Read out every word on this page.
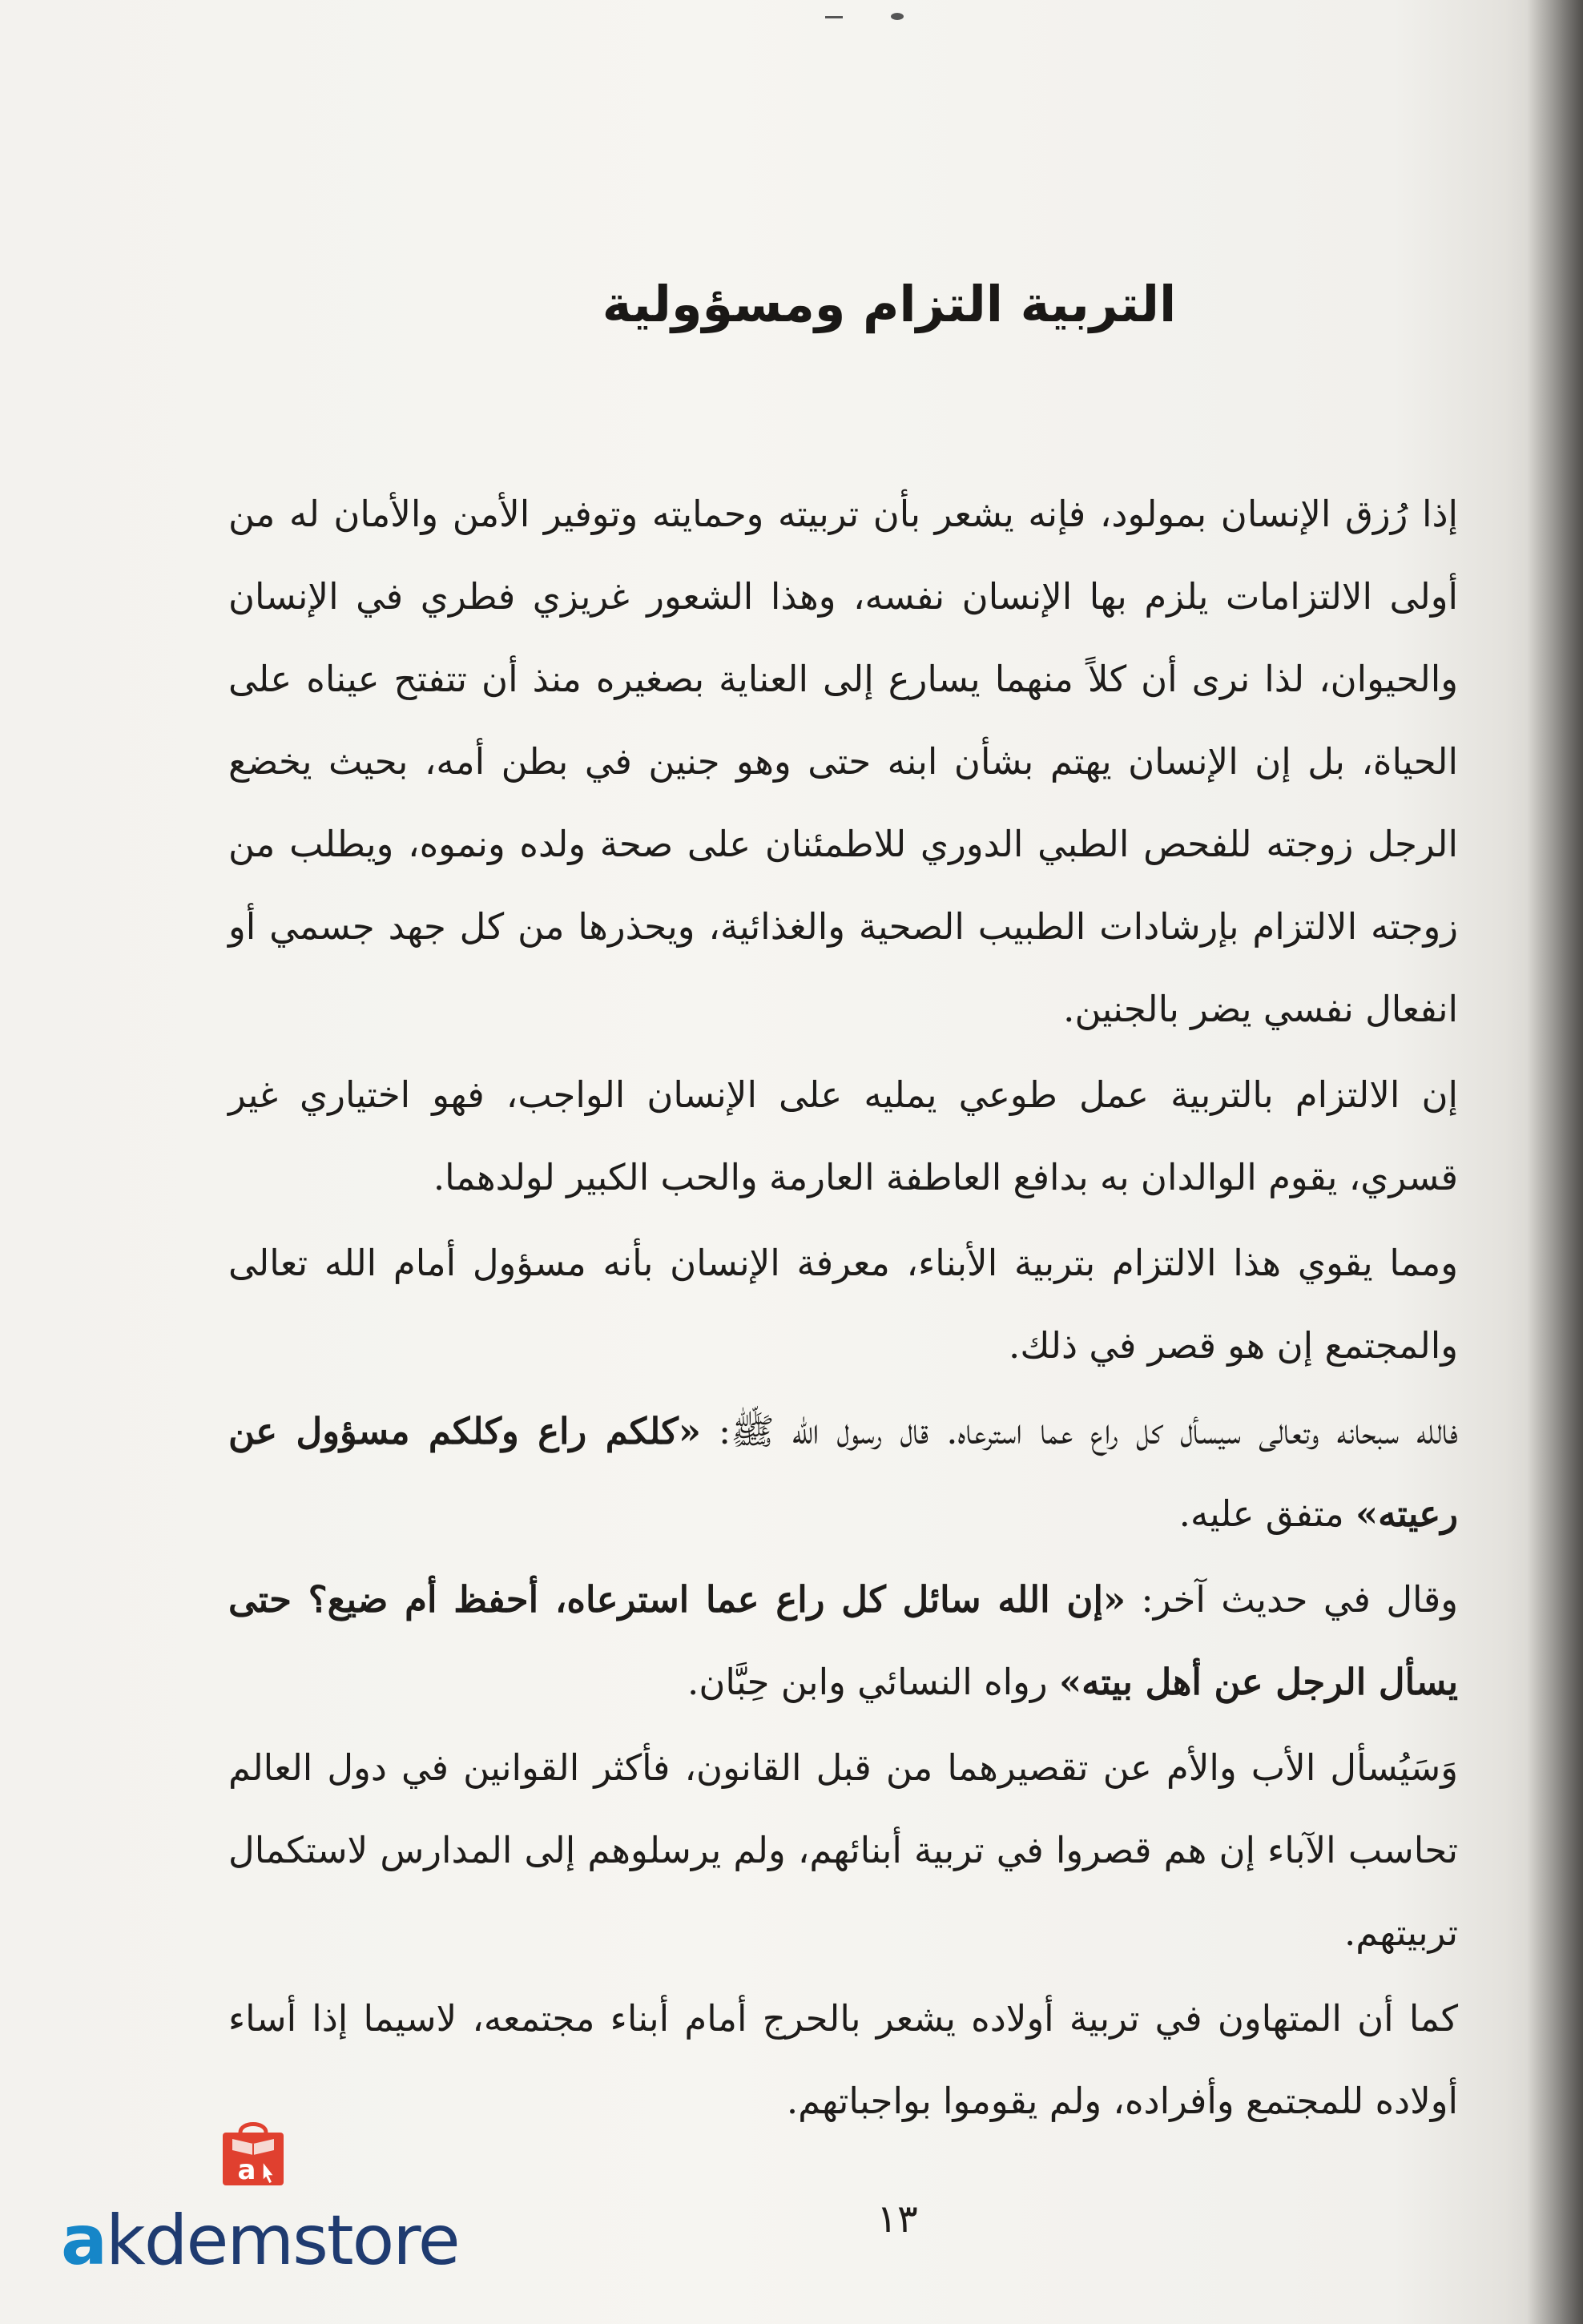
التربية التزام ومسؤولية

إذا رُزق الإنسان بمولود، فإنه يشعر بأن تربيته وحمايته وتوفير الأمن والأمان له من أولى الالتزامات يلزم بها الإنسان نفسه، وهذا الشعور غريزي فطري في الإنسان والحيوان، لذا نرى أن كلاً منهما يسارع إلى العناية بصغيره منذ أن تتفتح عيناه على الحياة، بل إن الإنسان يهتم بشأن ابنه حتى وهو جنين في بطن أمه، بحيث يخضع الرجل زوجته للفحص الطبي الدوري للاطمئنان على صحة ولده ونموه، ويطلب من زوجته الالتزام بإرشادات الطبيب الصحية والغذائية، ويحذرها من كل جهد جسمي أو انفعال نفسي يضر بالجنين.

إن الالتزام بالتربية عمل طوعي يمليه على الإنسان الواجب، فهو اختياري غير قسري، يقوم الوالدان به بدافع العاطفة العارمة والحب الكبير لولدهما.

ومما يقوي هذا الالتزام بتربية الأبناء، معرفة الإنسان بأنه مسؤول أمام الله تعالى والمجتمع إن هو قصر في ذلك.

فالله سبحانه وتعالى سيسأل كل راع عما استرعاه. قال رسول الله ﷺ: «كلكم راع وكلكم مسؤول عن رعيته» متفق عليه.

وقال في حديث آخر: «إن الله سائل كل راع عما استرعاه، أحفظ أم ضيع؟ حتى يسأل الرجل عن أهل بيته» رواه النسائي وابن حِبَّان.

وَسَيُسأل الأب والأم عن تقصيرهما من قبل القانون، فأكثر القوانين في دول العالم تحاسب الآباء إن هم قصروا في تربية أبنائهم، ولم يرسلوهم إلى المدارس لاستكمال تربيتهم.

كما أن المتهاون في تربية أولاده يشعر بالحرج أمام أبناء مجتمعه، لاسيما إذا أساء أولاده للمجتمع وأفراده، ولم يقوموا بواجباتهم.

١٣
a
akdemstore
